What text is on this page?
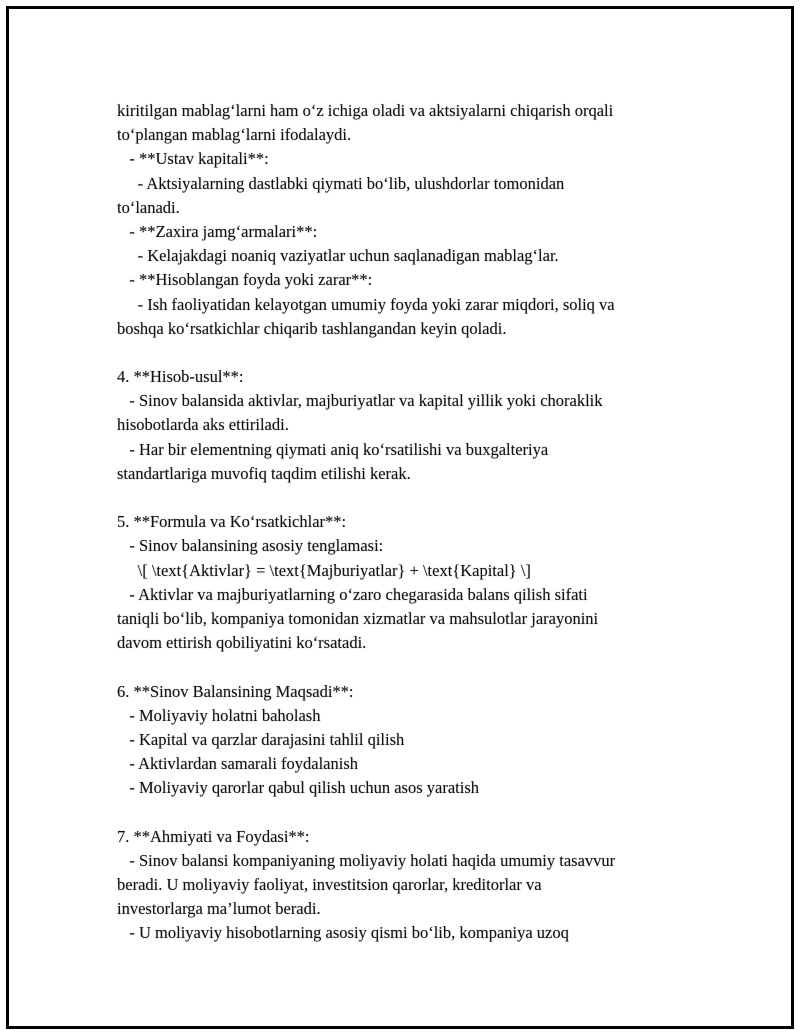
kiritilgan mablag‘larni ham o‘z ichiga oladi va aktsiyalarni chiqarish orqali
to‘plangan mablag‘larni ifodalaydi.
- **Ustav kapitali**:
- Aktsiyalarning dastlabki qiymati bo‘lib, ulushdorlar tomonidan
to‘lanadi.
- **Zaxira jamg‘armalari**:
- Kelajakdagi noaniq vaziyatlar uchun saqlanadigan mablag‘lar.
- **Hisoblangan foyda yoki zarar**:
- Ish faoliyatidan kelayotgan umumiy foyda yoki zarar miqdori, soliq va
boshqa ko‘rsatkichlar chiqarib tashlangandan keyin qoladi.
4. **Hisob-usul**:
- Sinov balansida aktivlar, majburiyatlar va kapital yillik yoki choraklik
hisobotlarda aks ettiriladi.
- Har bir elementning qiymati aniq ko‘rsatilishi va buxgalteriya
standartlariga muvofiq taqdim etilishi kerak.
5. **Formula va Ko‘rsatkichlar**:
- Sinov balansining asosiy tenglamasi:
\[ \text{Aktivlar} = \text{Majburiyatlar} + \text{Kapital} \]
- Aktivlar va majburiyatlarning o‘zaro chegarasida balans qilish sifati
taniqli bo‘lib, kompaniya tomonidan xizmatlar va mahsulotlar jarayonini
davom ettirish qobiliyatini ko‘rsatadi.
6. **Sinov Balansining Maqsadi**:
- Moliyaviy holatni baholash
- Kapital va qarzlar darajasini tahlil qilish
- Aktivlardan samarali foydalanish
- Moliyaviy qarorlar qabul qilish uchun asos yaratish
7. **Ahmiyati va Foydasi**:
- Sinov balansi kompaniyaning moliyaviy holati haqida umumiy tasavvur
beradi. U moliyaviy faoliyat, investitsion qarorlar, kreditorlar va
investorlarga ma’lumot beradi.
- U moliyaviy hisobotlarning asosiy qismi bo‘lib, kompaniya uzoq
